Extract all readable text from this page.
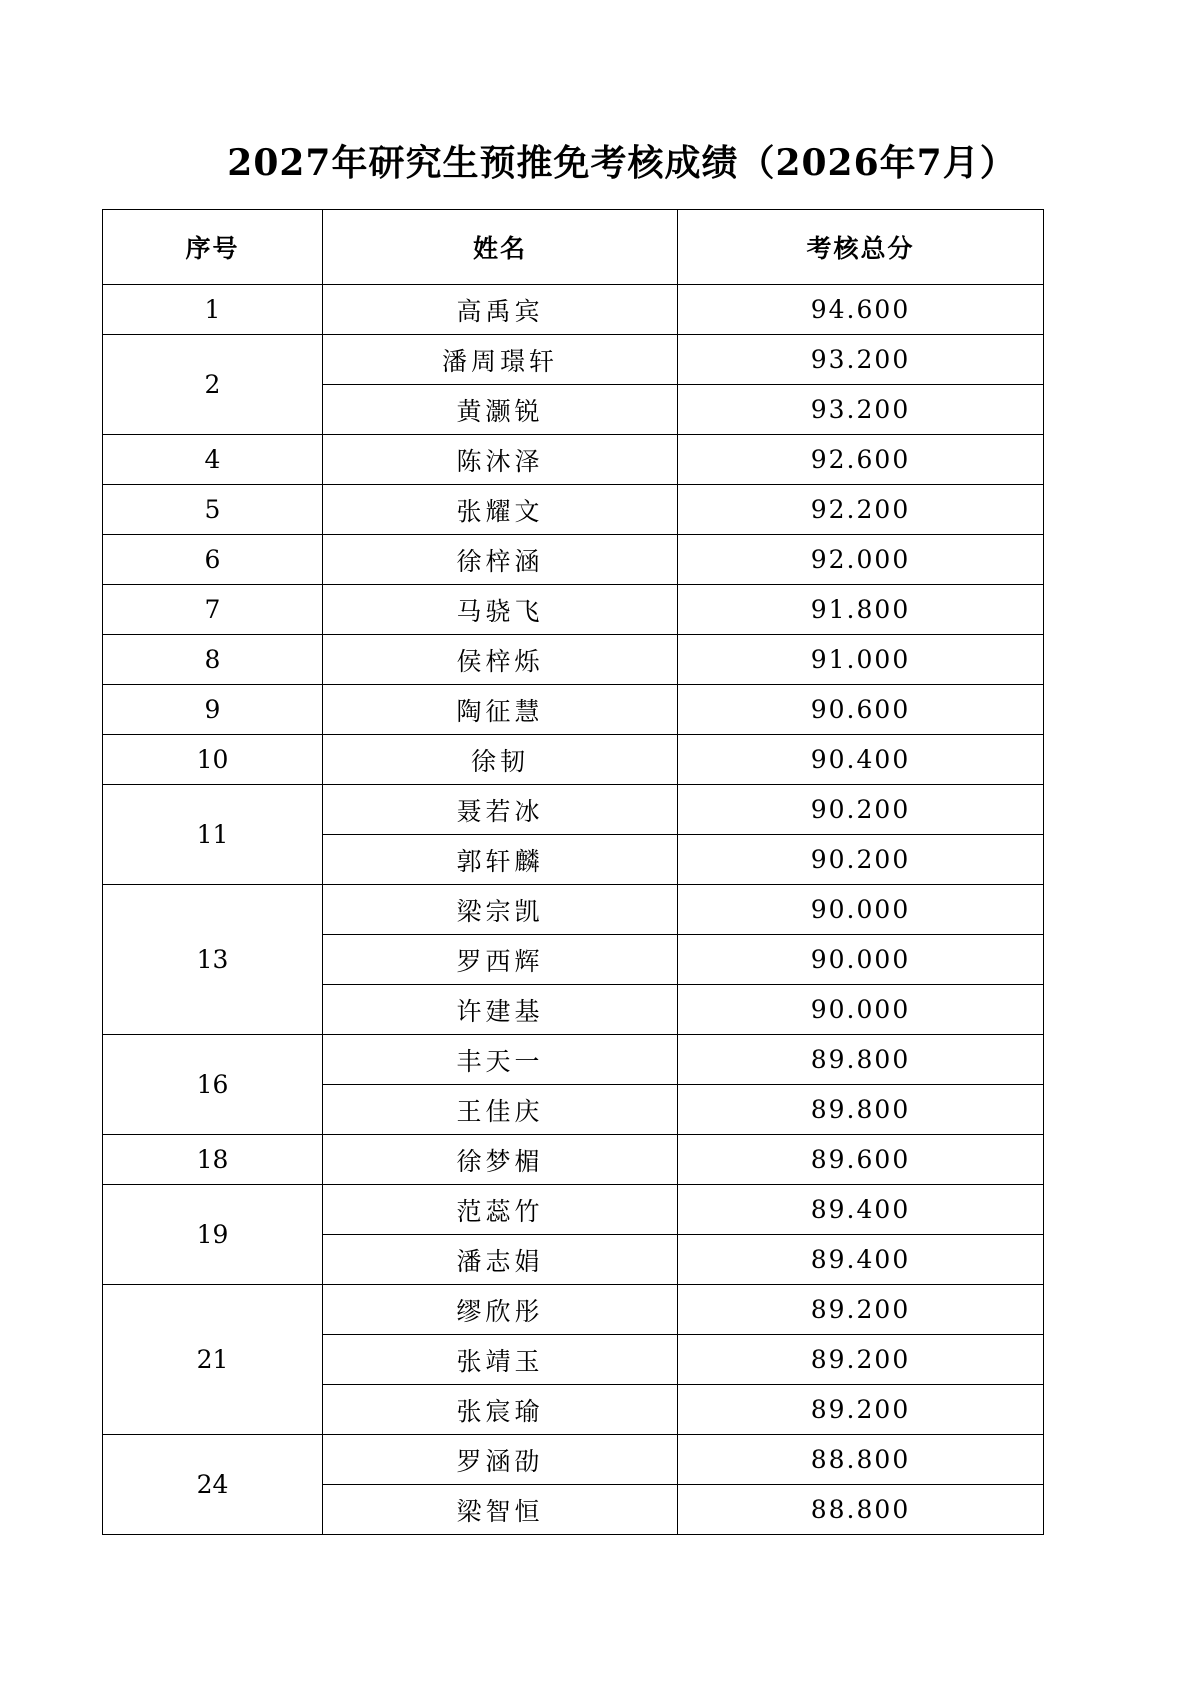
2027年研究生预推免考核成绩（2026年7月）
序号	姓名	考核总分
1	高禹宾	94.600
2	潘周璟轩	93.200
	黄灏锐	93.200
4	陈沐泽	92.600
5	张耀文	92.200
6	徐梓涵	92.000
7	马骁飞	91.800
8	侯梓烁	91.000
9	陶征慧	90.600
10	徐韧	90.400
11	聂若冰	90.200
	郭轩麟	90.200
13	梁宗凯	90.000
	罗西辉	90.000
	许建基	90.000
16	丰天一	89.800
	王佳庆	89.800
18	徐梦楣	89.600
19	范蕊竹	89.400
	潘志娟	89.400
21	缪欣彤	89.200
	张靖玉	89.200
	张宸瑜	89.200
24	罗涵劭	88.800
	梁智恒	88.800
